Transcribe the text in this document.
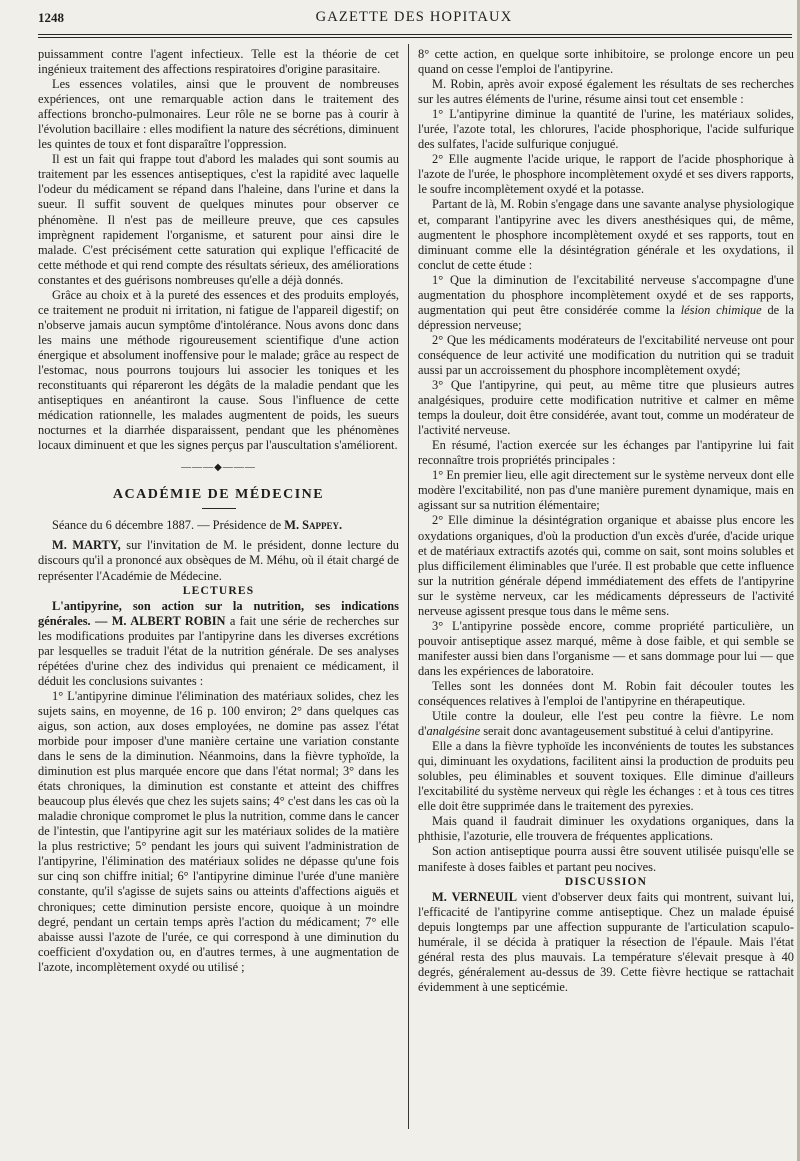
1248	GAZETTE DES HOPITAUX

puissamment contre l'agent infectieux. Telle est la théorie de cet ingénieux traitement des affections respiratoires d'origine parasitaire.

Les essences volatiles, ainsi que le prouvent de nombreuses expériences, ont une remarquable action dans le traitement des affections broncho-pulmonaires. Leur rôle ne se borne pas à courir à l'évolution bacillaire : elles modifient la nature des sécrétions, diminuent les quintes de toux et font disparaître l'oppression.

Il est un fait qui frappe tout d'abord les malades qui sont soumis au traitement par les essences antiseptiques, c'est la rapidité avec laquelle l'odeur du médicament se répand dans l'haleine, dans l'urine et dans la sueur. Il suffit souvent de quelques minutes pour observer ce phénomène. Il n'est pas de meilleure preuve, que ces capsules imprègnent rapidement l'organisme, et saturent pour ainsi dire le malade. C'est précisément cette saturation qui explique l'efficacité de cette méthode et qui rend compte des résultats sérieux, des améliorations constantes et des guérisons nombreuses qu'elle a déjà donnés.

Grâce au choix et à la pureté des essences et des produits employés, ce traitement ne produit ni irritation, ni fatigue de l'appareil digestif; on n'observe jamais aucun symptôme d'intolérance. Nous avons donc dans les mains une méthode rigoureusement scientifique d'une action énergique et absolument inoffensive pour le malade; grâce au respect de l'estomac, nous pourrons toujours lui associer les toniques et les reconstituants qui répareront les dégâts de la maladie pendant que les antiseptiques en anéantiront la cause. Sous l'influence de cette médication rationnelle, les malades augmentent de poids, les sueurs nocturnes et la diarrhée disparaissent, pendant que les phénomènes locaux diminuent et que les signes perçus par l'auscultation s'améliorent.

———◆———

ACADÉMIE DE MÉDECINE

Séance du 6 décembre 1887. — Présidence de M. Sappey.

M. MARTY, sur l'invitation de M. le président, donne lecture du discours qu'il a prononcé aux obsèques de M. Méhu, où il était chargé de représenter l'Académie de Médecine.

LECTURES

L'antipyrine, son action sur la nutrition, ses indications générales. — M. ALBERT ROBIN a fait une série de recherches sur les modifications produites par l'antipyrine dans les diverses excrétions par lesquelles se traduit l'état de la nutrition générale. De ses analyses répétées d'urine chez des individus qui prenaient ce médicament, il déduit les conclusions suivantes :

1° L'antipyrine diminue l'élimination des matériaux solides, chez les sujets sains, en moyenne, de 16 p. 100 environ; 2° dans quelques cas aigus, son action, aux doses employées, ne domine pas assez l'état morbide pour imposer d'une manière certaine une variation constante dans le sens de la diminution. Néanmoins, dans la fièvre typhoïde, la diminution est plus marquée encore que dans l'état normal; 3° dans les états chroniques, la diminution est constante et atteint des chiffres beaucoup plus élevés que chez les sujets sains; 4° c'est dans les cas où la maladie chronique compromet le plus la nutrition, comme dans le cancer de l'intestin, que l'antipyrine agit sur les matériaux solides de la matière la plus restrictive; 5° pendant les jours qui suivent l'administration de l'antipyrine, l'élimination des matériaux solides ne dépasse qu'une fois sur cinq son chiffre initial; 6° l'antipyrine diminue l'urée d'une manière constante, qu'il s'agisse de sujets sains ou atteints d'affections aiguës et chroniques; cette diminution persiste encore, quoique à un moindre degré, pendant un certain temps après l'action du médicament; 7° elle abaisse aussi l'azote de l'urée, ce qui correspond à une diminution du coefficient d'oxydation ou, en d'autres termes, à une augmentation de l'azote, incomplètement oxydé ou utilisé ;

8° cette action, en quelque sorte inhibitoire, se prolonge encore un peu quand on cesse l'emploi de l'antipyrine.

M. Robin, après avoir exposé également les résultats de ses recherches sur les autres éléments de l'urine, résume ainsi tout cet ensemble :

1° L'antipyrine diminue la quantité de l'urine, les matériaux solides, l'urée, l'azote total, les chlorures, l'acide phosphorique, l'acide sulfurique des sulfates, l'acide sulfurique conjugué.

2° Elle augmente l'acide urique, le rapport de l'acide phosphorique à l'azote de l'urée, le phosphore incomplètement oxydé et ses divers rapports, le soufre incomplètement oxydé et la potasse.

Partant de là, M. Robin s'engage dans une savante analyse physiologique et, comparant l'antipyrine avec les divers anesthésiques qui, de même, augmentent le phosphore incomplètement oxydé et ses rapports, tout en diminuant comme elle la désintégration générale et les oxydations, il conclut de cette étude :

1° Que la diminution de l'excitabilité nerveuse s'accompagne d'une augmentation du phosphore incomplètement oxydé et de ses rapports, augmentation qui peut être considérée comme la lésion chimique de la dépression nerveuse;

2° Que les médicaments modérateurs de l'excitabilité nerveuse ont pour conséquence de leur activité une modification du nutrition qui se traduit aussi par un accroissement du phosphore incomplètement oxydé;

3° Que l'antipyrine, qui peut, au même titre que plusieurs autres analgésiques, produire cette modification nutritive et calmer en même temps la douleur, doit être considérée, avant tout, comme un modérateur de l'activité nerveuse.

En résumé, l'action exercée sur les échanges par l'antipyrine lui fait reconnaître trois propriétés principales :

1° En premier lieu, elle agit directement sur le système nerveux dont elle modère l'excitabilité, non pas d'une manière purement dynamique, mais en agissant sur sa nutrition élémentaire;

2° Elle diminue la désintégration organique et abaisse plus encore les oxydations organiques, d'où la production d'un excès d'urée, d'acide urique et de matériaux extractifs azotés qui, comme on sait, sont moins solubles et plus difficilement éliminables que l'urée. Il est probable que cette influence sur la nutrition générale dépend immédiatement des effets de l'antipyrine sur le système nerveux, car les médicaments dépresseurs de l'activité nerveuse agissent presque tous dans le même sens.

3° L'antipyrine possède encore, comme propriété particulière, un pouvoir antiseptique assez marqué, même à dose faible, et qui semble se manifester aussi bien dans l'organisme — et sans dommage pour lui — que dans les expériences de laboratoire.

Telles sont les données dont M. Robin fait découler toutes les conséquences relatives à l'emploi de l'antipyrine en thérapeutique.

Utile contre la douleur, elle l'est peu contre la fièvre. Le nom d'analgésine serait donc avantageusement substitué à celui d'antipyrine.

Elle a dans la fièvre typhoïde les inconvénients de toutes les substances qui, diminuant les oxydations, facilitent ainsi la production de produits peu solubles, peu éliminables et souvent toxiques. Elle diminue d'ailleurs l'excitabilité du système nerveux qui règle les échanges : et à tous ces titres elle doit être supprimée dans le traitement des pyrexies.

Mais quand il faudrait diminuer les oxydations organiques, dans la phthisie, l'azoturie, elle trouvera de fréquentes applications.

Son action antiseptique pourra aussi être souvent utilisée puisqu'elle se manifeste à doses faibles et partant peu nocives.

DISCUSSION

M. VERNEUIL vient d'observer deux faits qui montrent, suivant lui, l'efficacité de l'antipyrine comme antiseptique. Chez un malade épuisé depuis longtemps par une affection suppurante de l'articulation scapulo-humérale, il se décida à pratiquer la résection de l'épaule. Mais l'état général resta des plus mauvais. La température s'élevait presque à 40 degrés, généralement au-dessus de 39. Cette fièvre hectique se rattachait évidemment à une septicémie.
